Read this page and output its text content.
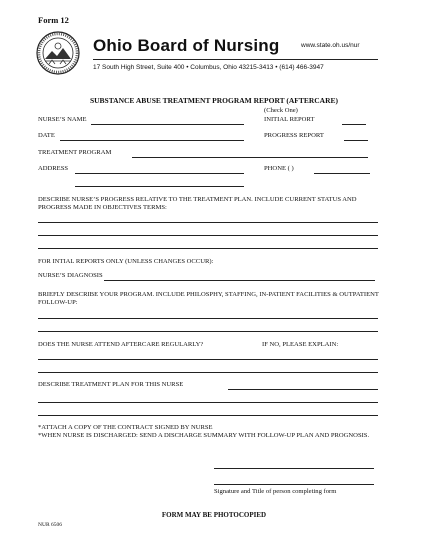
Form 12
Ohio Board of Nursing	www.state.oh.us/nur
17 South High Street, Suite 400 • Columbus, Ohio 43215-3413 • (614) 466-3947
SUBSTANCE ABUSE TREATMENT PROGRAM REPORT (AFTERCARE)
(Check One)
NURSE’S NAME	INITIAL REPORT
DATE	PROGRESS REPORT
TREATMENT PROGRAM
ADDRESS	PHONE ( )
DESCRIBE NURSE’S PROGRESS RELATIVE TO THE TREATMENT PLAN. INCLUDE CURRENT STATUS AND PROGRESS MADE IN OBJECTIVES TERMS:
FOR INTIAL REPORTS ONLY (UNLESS CHANGES OCCUR):
NURSE’S DIAGNOSIS
BRIEFLY DESCRIBE YOUR PROGRAM. INCLUDE PHILOSPHY, STAFFING, IN-PATIENT FACILITIES & OUTPATIENT FOLLOW-UP:
DOES THE NURSE ATTEND AFTERCARE REGULARLY?	IF NO, PLEASE EXPLAIN:
DESCRIBE TREATMENT PLAN FOR THIS NURSE
*ATTACH A COPY OF THE CONTRACT SIGNED BY NURSE
*WHEN NURSE IS DISCHARGED: SEND A DISCHARGE SUMMARY WITH FOLLOW-UP PLAN AND PROGNOSIS.
Signature and Title of person completing form
FORM MAY BE PHOTOCOPIED
NUR 6506
